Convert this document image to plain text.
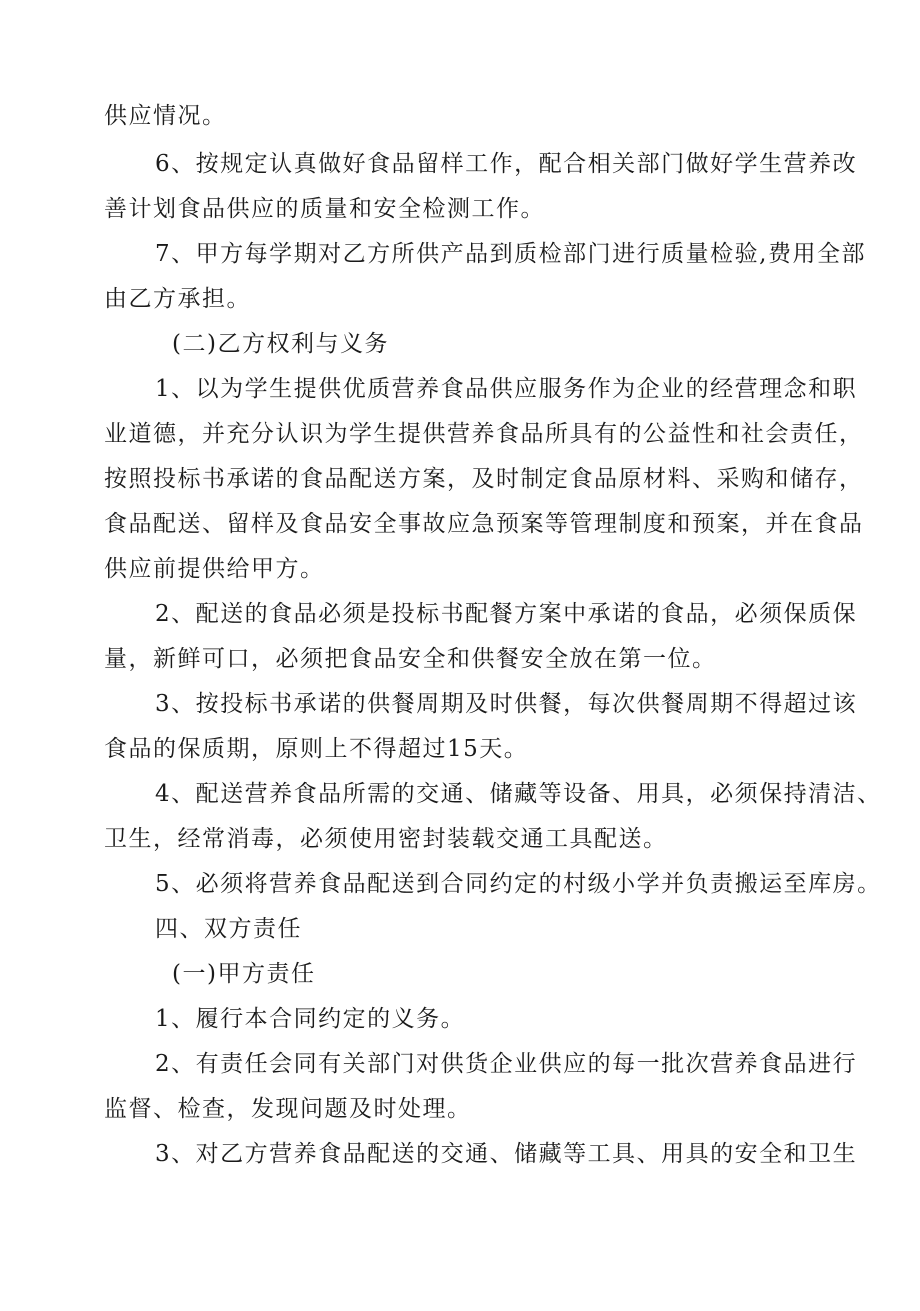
供应情况。
6、按规定认真做好食品留样工作，配合相关部门做好学生营养改
善计划食品供应的质量和安全检测工作。
7、甲方每学期对乙方所供产品到质检部门进行质量检验,费用全部
由乙方承担。
(二)乙方权利与义务
1、以为学生提供优质营养食品供应服务作为企业的经营理念和职
业道德，并充分认识为学生提供营养食品所具有的公益性和社会责任，
按照投标书承诺的食品配送方案，及时制定食品原材料、采购和储存，
食品配送、留样及食品安全事故应急预案等管理制度和预案，并在食品
供应前提供给甲方。
2、配送的食品必须是投标书配餐方案中承诺的食品，必须保质保
量，新鲜可口，必须把食品安全和供餐安全放在第一位。
3、按投标书承诺的供餐周期及时供餐，每次供餐周期不得超过该
食品的保质期，原则上不得超过15天。
4、配送营养食品所需的交通、储藏等设备、用具，必须保持清洁、
卫生，经常消毒，必须使用密封装载交通工具配送。
5、必须将营养食品配送到合同约定的村级小学并负责搬运至库房。
四、双方责任
(一)甲方责任
1、履行本合同约定的义务。
2、有责任会同有关部门对供货企业供应的每一批次营养食品进行
监督、检查，发现问题及时处理。
3、对乙方营养食品配送的交通、储藏等工具、用具的安全和卫生
